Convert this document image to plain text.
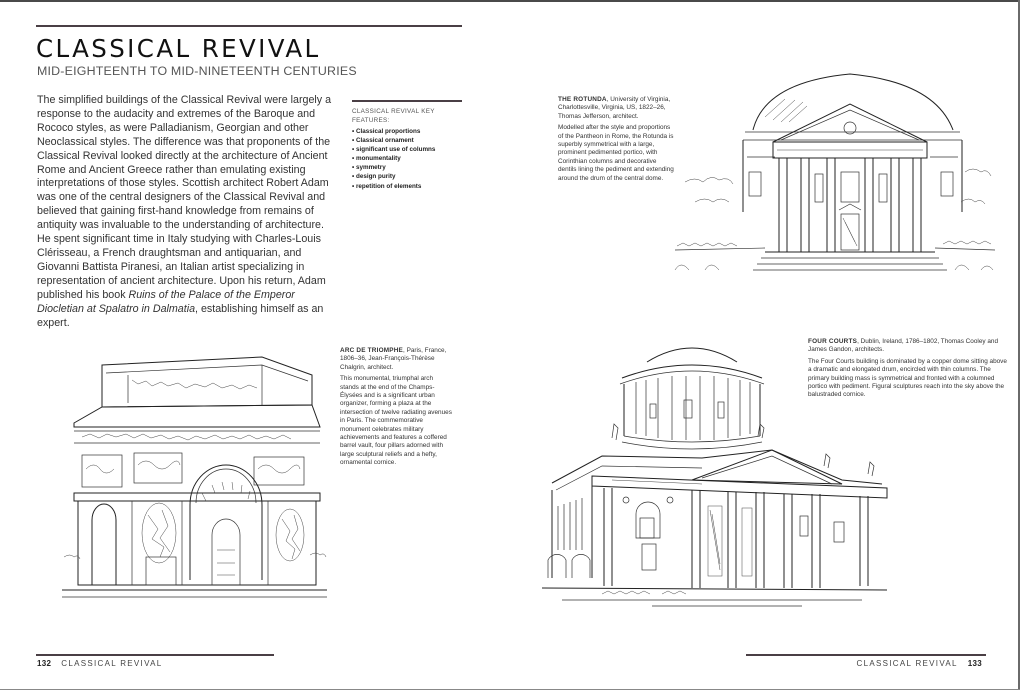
CLASSICAL REVIVAL
MID-EIGHTEENTH TO MID-NINETEENTH CENTURIES
The simplified buildings of the Classical Revival were largely a response to the audacity and extremes of the Baroque and Rococo styles, as were Palladianism, Georgian and other Neoclassical styles. The difference was that proponents of the Classical Revival looked directly at the architecture of Ancient Rome and Ancient Greece rather than emulating existing interpretations of those styles. Scottish architect Robert Adam was one of the central designers of the Classical Revival and believed that gaining first-hand knowledge from remains of antiquity was invaluable to the understanding of architecture. He spent significant time in Italy studying with Charles-Louis Clérisseau, a French draughtsman and antiquarian, and Giovanni Battista Piranesi, an Italian artist specializing in representation of ancient architecture. Upon his return, Adam published his book Ruins of the Palace of the Emperor Diocletian at Spalatro in Dalmatia, establishing himself as an expert.
CLASSICAL REVIVAL KEY FEATURES:
• Classical proportions
• Classical ornament
• significant use of columns
• monumentality
• symmetry
• design purity
• repetition of elements
ARC DE TRIOMPHE, Paris, France, 1806–36, Jean-François-Thérèse Chalgrin, architect.
This monumental, triumphal arch stands at the end of the Champs-Élysées and is a significant urban organizer, forming a plaza at the intersection of twelve radiating avenues in Paris. The commemorative monument celebrates military achievements and features a coffered barrel vault, four pillars adorned with large sculptural reliefs and a hefty, ornamental cornice.
132 CLASSICAL REVIVAL
THE ROTUNDA, University of Virginia, Charlottesville, Virginia, US, 1822–26, Thomas Jefferson, architect.
Modelled after the style and proportions of the Pantheon in Rome, the Rotunda is superbly symmetrical with a large, prominent pedimented portico, with Corinthian columns and decorative dentils lining the pediment and extending around the drum of the central dome.
FOUR COURTS, Dublin, Ireland, 1786–1802, Thomas Cooley and James Gandon, architects.
The Four Courts building is dominated by a copper dome sitting above a dramatic and elongated drum, encircled with thin columns. The primary building mass is symmetrical and fronted with a columned portico with pediment. Figural sculptures reach into the sky above the balustraded cornice.
CLASSICAL REVIVAL 133
